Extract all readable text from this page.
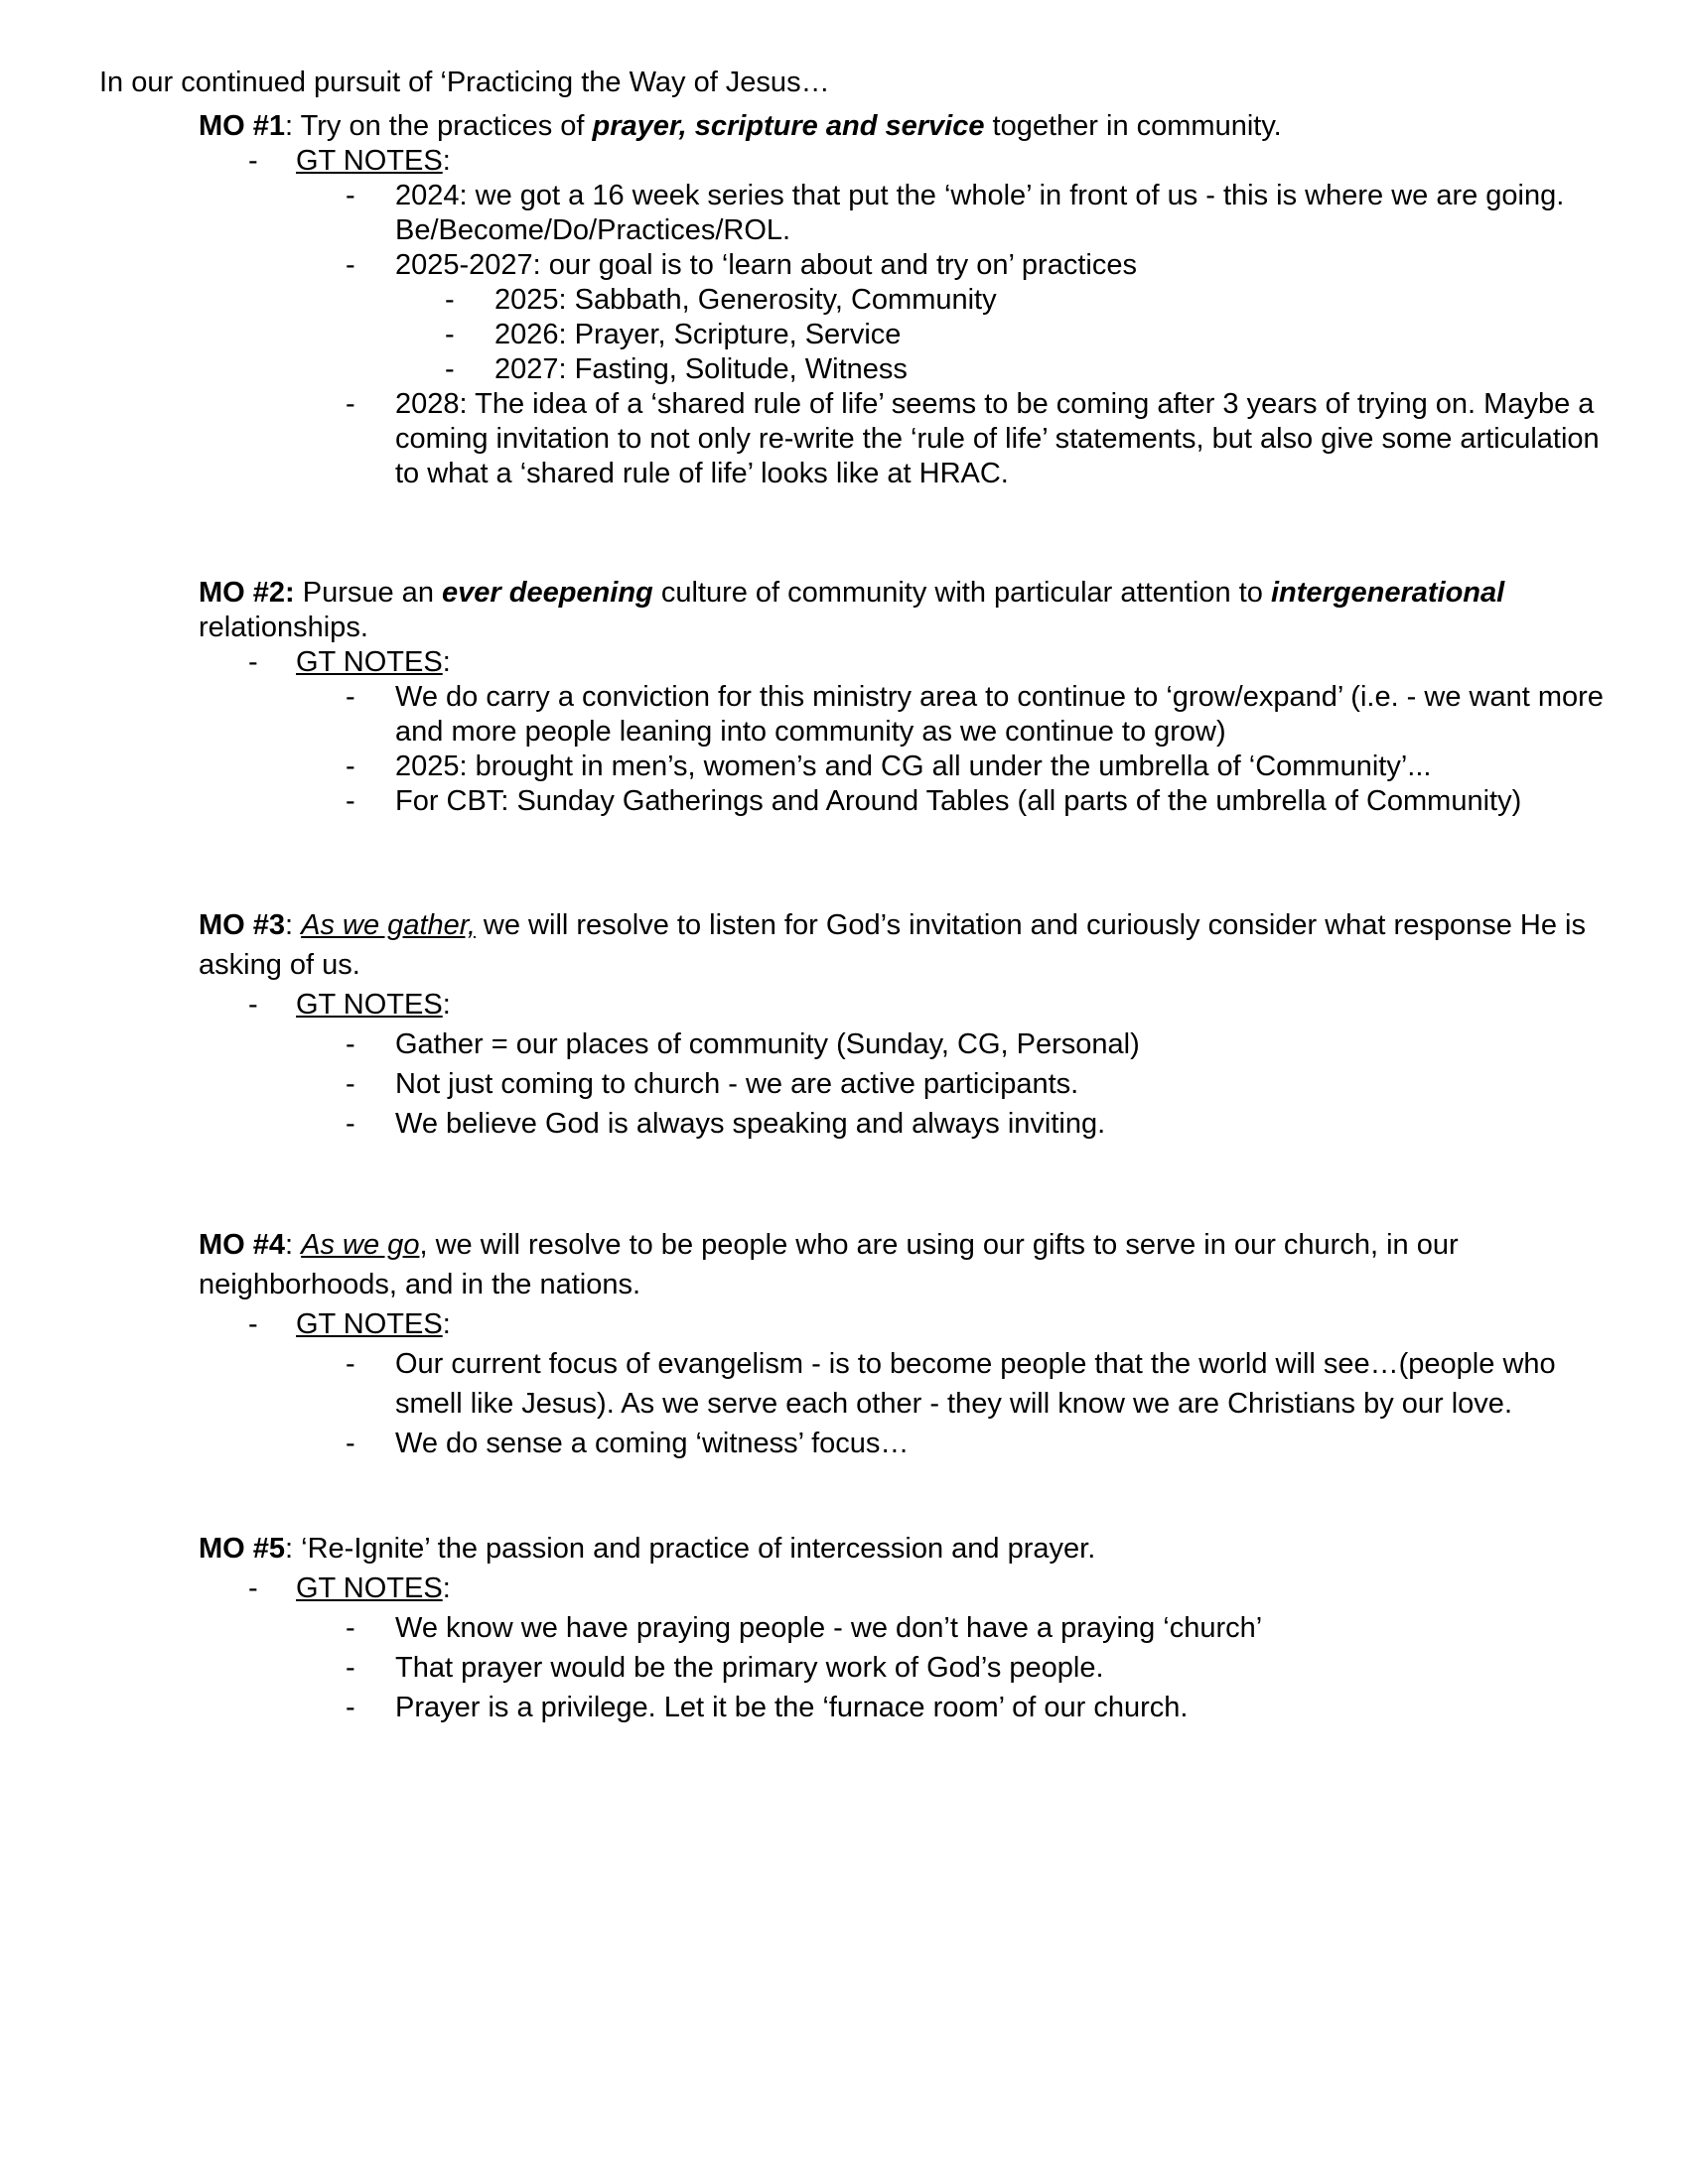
In our continued pursuit of ‘Practicing the Way of Jesus…

MO #1: Try on the practices of prayer, scripture and service together in community.

- GT NOTES:
- 2024: we got a 16 week series that put the ‘whole’ in front of us - this is where we are going. Be/Become/Do/Practices/ROL.
- 2025-2027: our goal is to ‘learn about and try on’ practices
- 2025: Sabbath, Generosity, Community
- 2026: Prayer, Scripture, Service
- 2027: Fasting, Solitude, Witness
- 2028: The idea of a ‘shared rule of life’ seems to be coming after 3 years of trying on. Maybe a coming invitation to not only re-write the ‘rule of life’ statements, but also give some articulation to what a ‘shared rule of life’ looks like at HRAC.

MO #2: Pursue an ever deepening culture of community with particular attention to intergenerational relationships.

- GT NOTES:
- We do carry a conviction for this ministry area to continue to ‘grow/expand’ (i.e. - we want more and more people leaning into community as we continue to grow)
- 2025: brought in men’s, women’s and CG all under the umbrella of ‘Community’...
- For CBT: Sunday Gatherings and Around Tables (all parts of the umbrella of Community)

MO #3: As we gather, we will resolve to listen for God’s invitation and curiously consider what response He is asking of us.

- GT NOTES:
- Gather = our places of community (Sunday, CG, Personal)
- Not just coming to church - we are active participants.
- We believe God is always speaking and always inviting.

MO #4: As we go, we will resolve to be people who are using our gifts to serve in our church, in our neighborhoods, and in the nations.

- GT NOTES:
- Our current focus of evangelism - is to become people that the world will see…(people who smell like Jesus). As we serve each other - they will know we are Christians by our love.
- We do sense a coming ‘witness’ focus…

MO #5: ‘Re-Ignite’ the passion and practice of intercession and prayer.

- GT NOTES:
- We know we have praying people - we don’t have a praying ‘church’
- That prayer would be the primary work of God’s people.
- Prayer is a privilege. Let it be the ‘furnace room’ of our church.
